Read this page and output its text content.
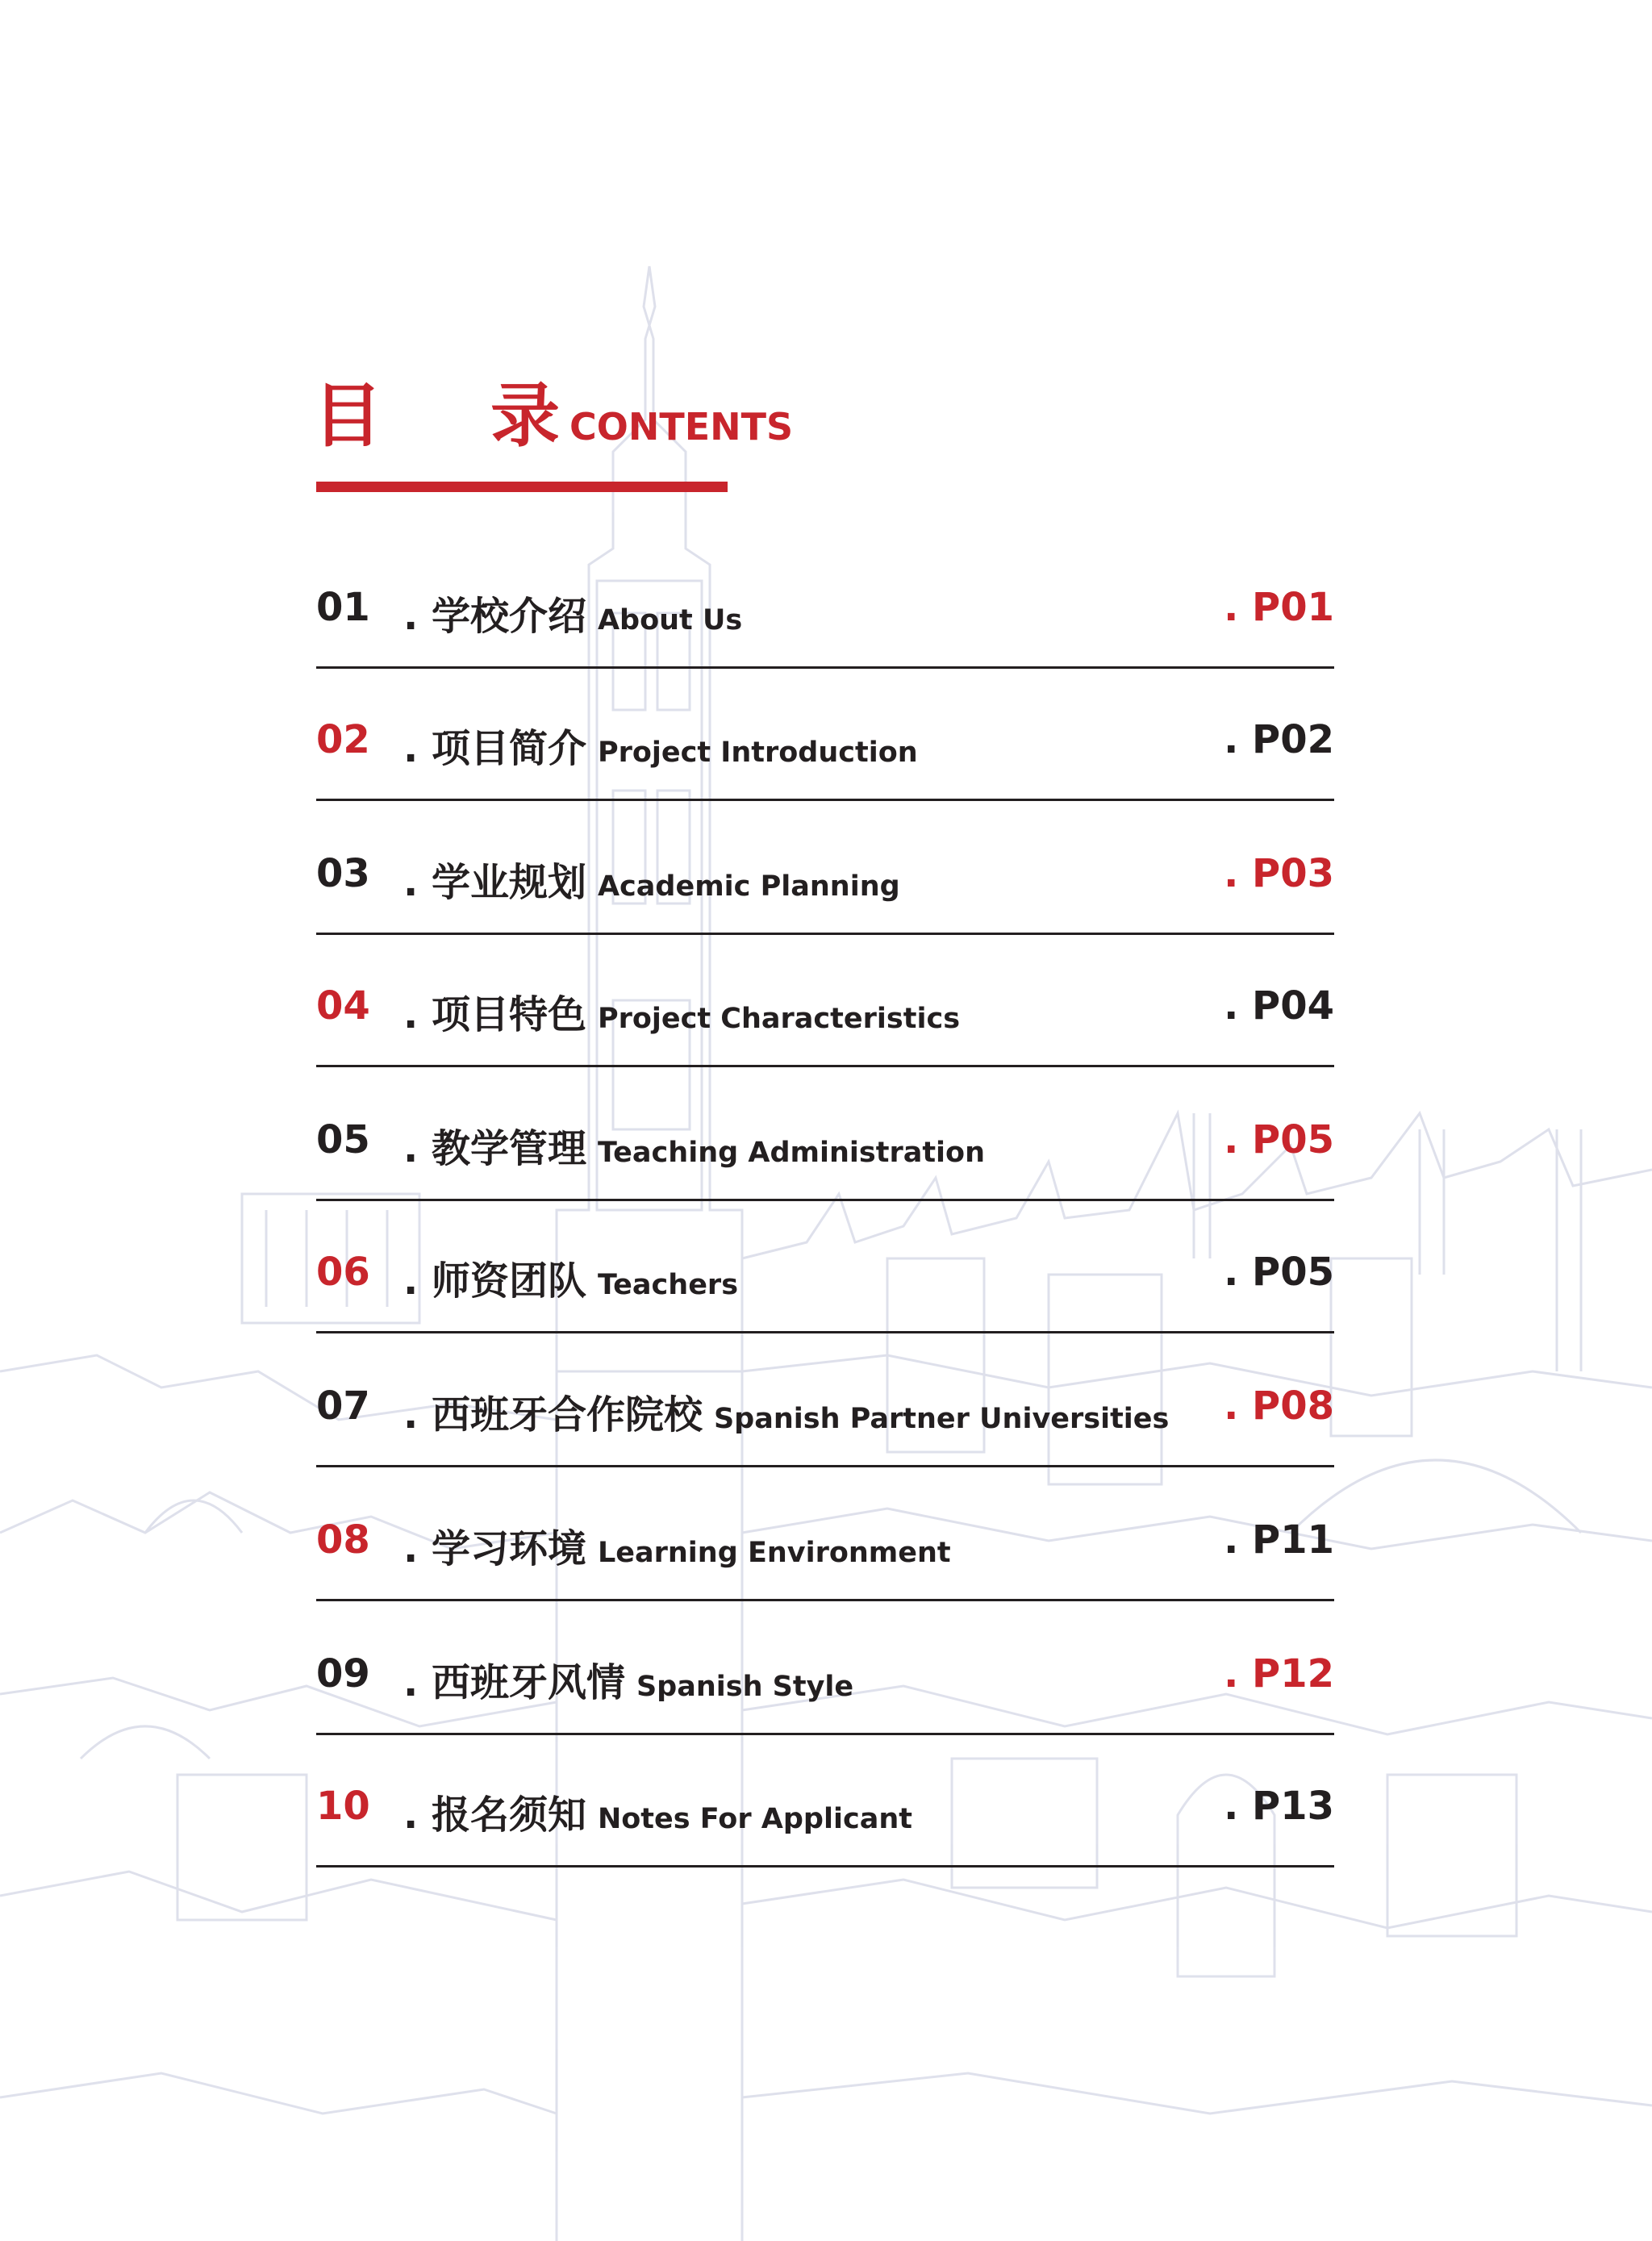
目 录CONTENTS
01 . 学校介绍 About Us	. P01
02 . 项目简介 Project Introduction	. P02
03 . 学业规划 Academic Planning	. P03
04 . 项目特色 Project Characteristics	. P04
05 . 教学管理 Teaching Administration	. P05
06 . 师资团队 Teachers	. P05
07 . 西班牙合作院校 Spanish Partner Universities . P08
08 . 学习环境 Learning Environment	. P11
09 . 西班牙风情 Spanish Style	. P12
10 . 报名须知 Notes For Applicant	. P13
